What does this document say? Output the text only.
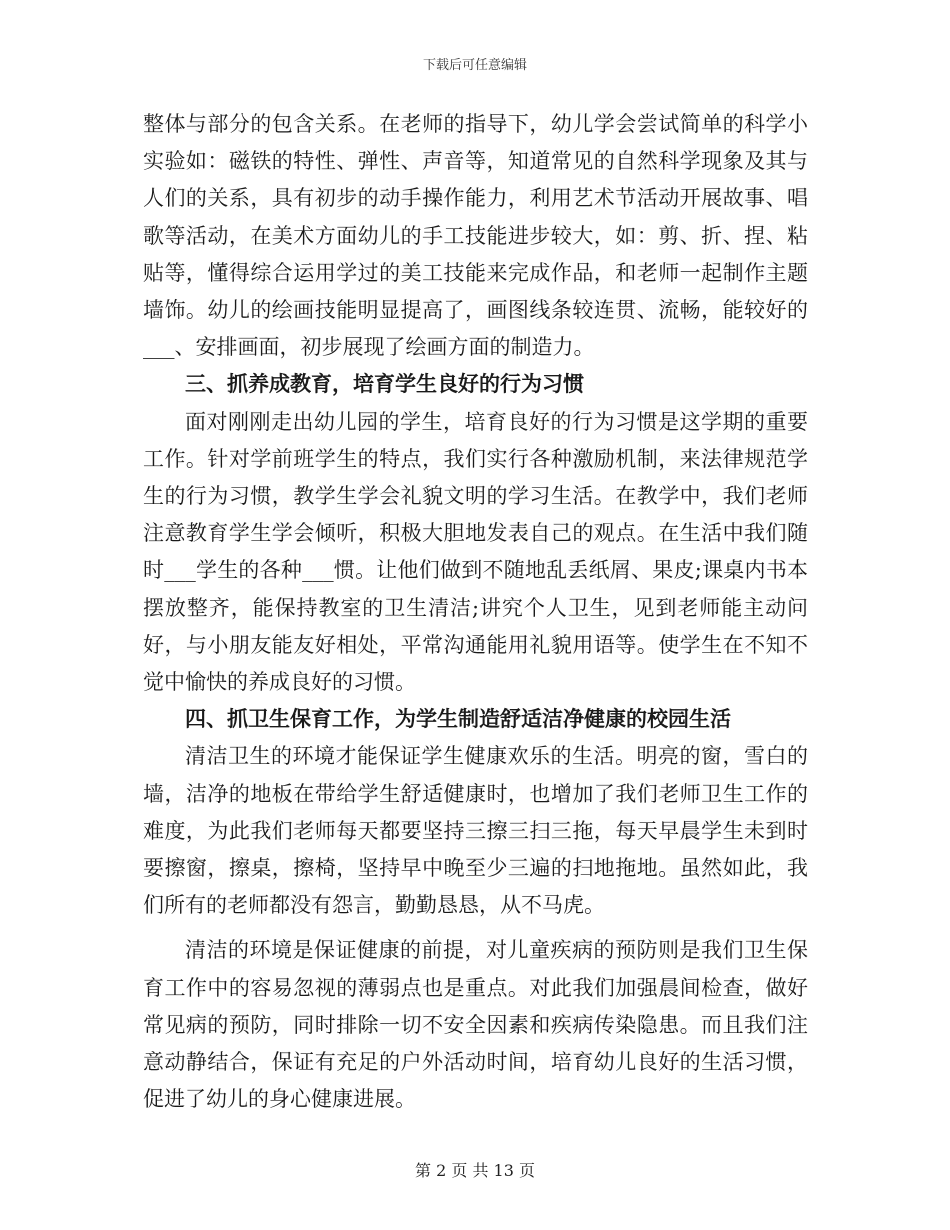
下载后可任意编辑

整体与部分的包含关系。在老师的指导下，幼儿学会尝试简单的科学小实验如：磁铁的特性、弹性、声音等，知道常见的自然科学现象及其与人们的关系，具有初步的动手操作能力，利用艺术节活动开展故事、唱歌等活动，在美术方面幼儿的手工技能进步较大，如：剪、折、捏、粘贴等，懂得综合运用学过的美工技能来完成作品，和老师一起制作主题墙饰。幼儿的绘画技能明显提高了，画图线条较连贯、流畅，能较好的___、安排画面，初步展现了绘画方面的制造力。

三、抓养成教育，培育学生良好的行为习惯

面对刚刚走出幼儿园的学生，培育良好的行为习惯是这学期的重要工作。针对学前班学生的特点，我们实行各种激励机制，来法律规范学生的行为习惯，教学生学会礼貌文明的学习生活。在教学中，我们老师注意教育学生学会倾听，积极大胆地发表自己的观点。在生活中我们随时___学生的各种___惯。让他们做到不随地乱丢纸屑、果皮;课桌内书本摆放整齐，能保持教室的卫生清洁;讲究个人卫生，见到老师能主动问好，与小朋友能友好相处，平常沟通能用礼貌用语等。使学生在不知不觉中愉快的养成良好的习惯。

四、抓卫生保育工作，为学生制造舒适洁净健康的校园生活

清洁卫生的环境才能保证学生健康欢乐的生活。明亮的窗，雪白的墙，洁净的地板在带给学生舒适健康时，也增加了我们老师卫生工作的难度，为此我们老师每天都要坚持三擦三扫三拖，每天早晨学生未到时要擦窗，擦桌，擦椅，坚持早中晚至少三遍的扫地拖地。虽然如此，我们所有的老师都没有怨言，勤勤恳恳，从不马虎。

清洁的环境是保证健康的前提，对儿童疾病的预防则是我们卫生保育工作中的容易忽视的薄弱点也是重点。对此我们加强晨间检查，做好常见病的预防，同时排除一切不安全因素和疾病传染隐患。而且我们注意动静结合，保证有充足的户外活动时间，培育幼儿良好的生活习惯，促进了幼儿的身心健康进展。

第 2 页 共 13 页
